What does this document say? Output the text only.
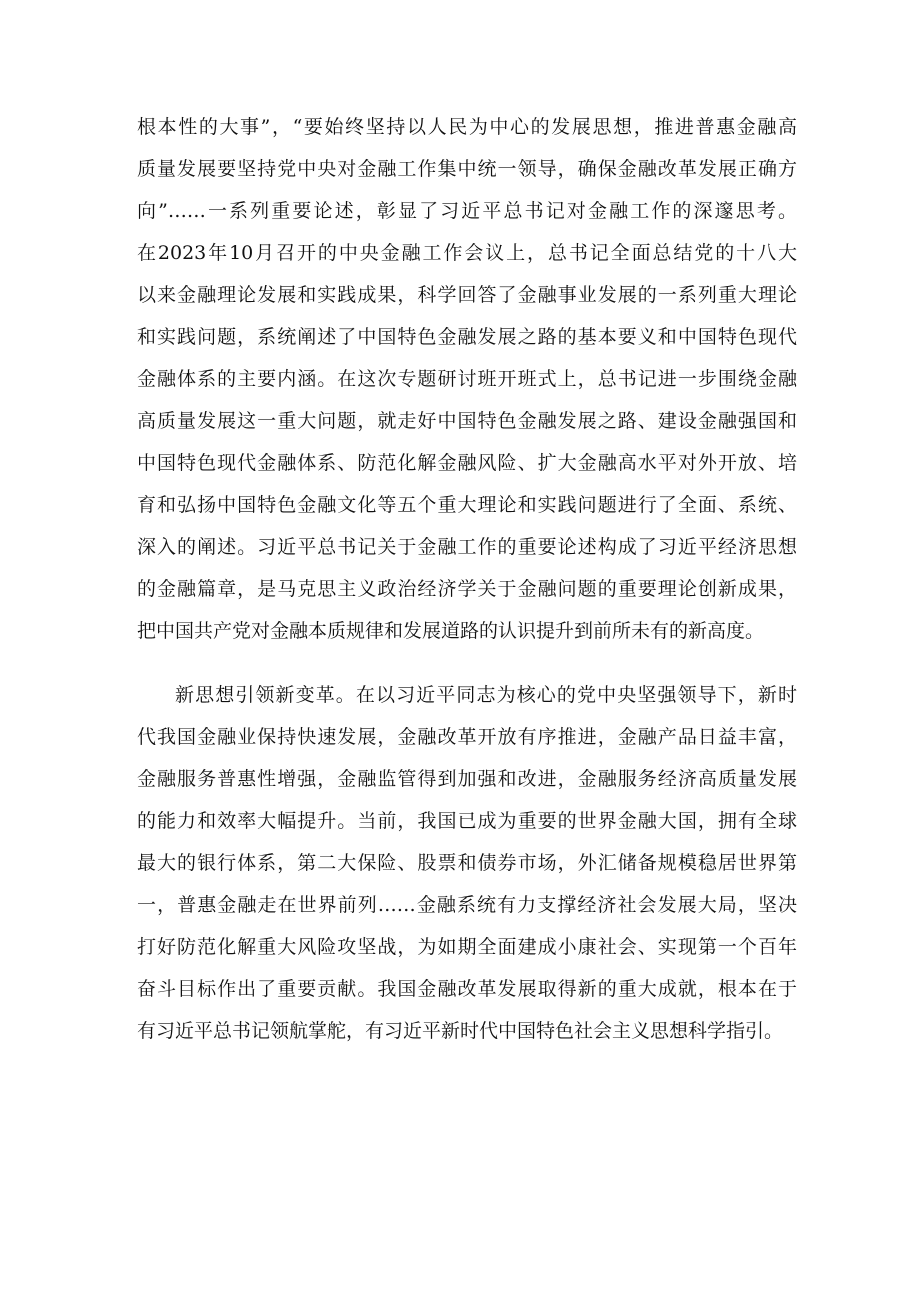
根本性的大事”，“要始终坚持以人民为中心的发展思想，推进普惠金融高
质量发展要坚持党中央对金融工作集中统一领导，确保金融改革发展正确方
向”……一系列重要论述，彰显了习近平总书记对金融工作的深邃思考。
在2023年10月召开的中央金融工作会议上，总书记全面总结党的十八大
以来金融理论发展和实践成果，科学回答了金融事业发展的一系列重大理论
和实践问题，系统阐述了中国特色金融发展之路的基本要义和中国特色现代
金融体系的主要内涵。在这次专题研讨班开班式上，总书记进一步围绕金融
高质量发展这一重大问题，就走好中国特色金融发展之路、建设金融强国和
中国特色现代金融体系、防范化解金融风险、扩大金融高水平对外开放、培
育和弘扬中国特色金融文化等五个重大理论和实践问题进行了全面、系统、
深入的阐述。习近平总书记关于金融工作的重要论述构成了习近平经济思想
的金融篇章，是马克思主义政治经济学关于金融问题的重要理论创新成果，
把中国共产党对金融本质规律和发展道路的认识提升到前所未有的新高度。
新思想引领新变革。在以习近平同志为核心的党中央坚强领导下，新时
代我国金融业保持快速发展，金融改革开放有序推进，金融产品日益丰富，
金融服务普惠性增强，金融监管得到加强和改进，金融服务经济高质量发展
的能力和效率大幅提升。当前，我国已成为重要的世界金融大国，拥有全球
最大的银行体系，第二大保险、股票和债券市场，外汇储备规模稳居世界第
一，普惠金融走在世界前列……金融系统有力支撑经济社会发展大局，坚决
打好防范化解重大风险攻坚战，为如期全面建成小康社会、实现第一个百年
奋斗目标作出了重要贡献。我国金融改革发展取得新的重大成就，根本在于
有习近平总书记领航掌舵，有习近平新时代中国特色社会主义思想科学指引。
